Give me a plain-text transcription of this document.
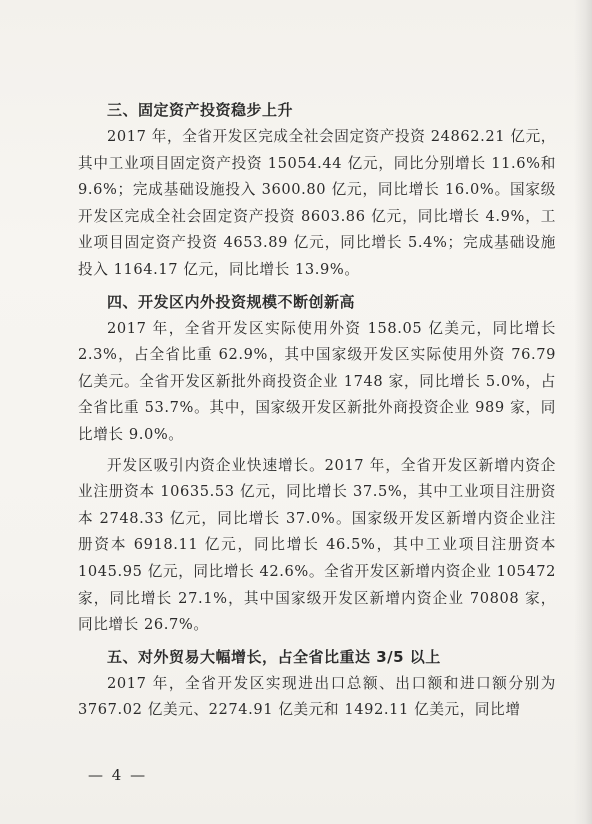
三、固定资产投资稳步上升

2017 年，全省开发区完成全社会固定资产投资 24862.21 亿元，其中工业项目固定资产投资 15054.44 亿元，同比分别增长 11.6%和 9.6%；完成基础设施投入 3600.80 亿元，同比增长 16.0%。国家级开发区完成全社会固定资产投资 8603.86 亿元，同比增长 4.9%，工业项目固定资产投资 4653.89 亿元，同比增长 5.4%；完成基础设施投入 1164.17 亿元，同比增长 13.9%。

四、开发区内外投资规模不断创新高

2017 年，全省开发区实际使用外资 158.05 亿美元，同比增长 2.3%，占全省比重 62.9%，其中国家级开发区实际使用外资 76.79 亿美元。全省开发区新批外商投资企业 1748 家，同比增长 5.0%，占全省比重 53.7%。其中，国家级开发区新批外商投资企业 989 家，同比增长 9.0%。

开发区吸引内资企业快速增长。2017 年，全省开发区新增内资企业注册资本 10635.53 亿元，同比增长 37.5%，其中工业项目注册资本 2748.33 亿元，同比增长 37.0%。国家级开发区新增内资企业注册资本 6918.11 亿元，同比增长 46.5%，其中工业项目注册资本 1045.95 亿元，同比增长 42.6%。全省开发区新增内资企业 105472 家，同比增长 27.1%，其中国家级开发区新增内资企业 70808 家，同比增长 26.7%。

五、对外贸易大幅增长，占全省比重达 3/5 以上

2017 年，全省开发区实现进出口总额、出口额和进口额分别为 3767.02 亿美元、2274.91 亿美元和 1492.11 亿美元，同比增

— 4 —
